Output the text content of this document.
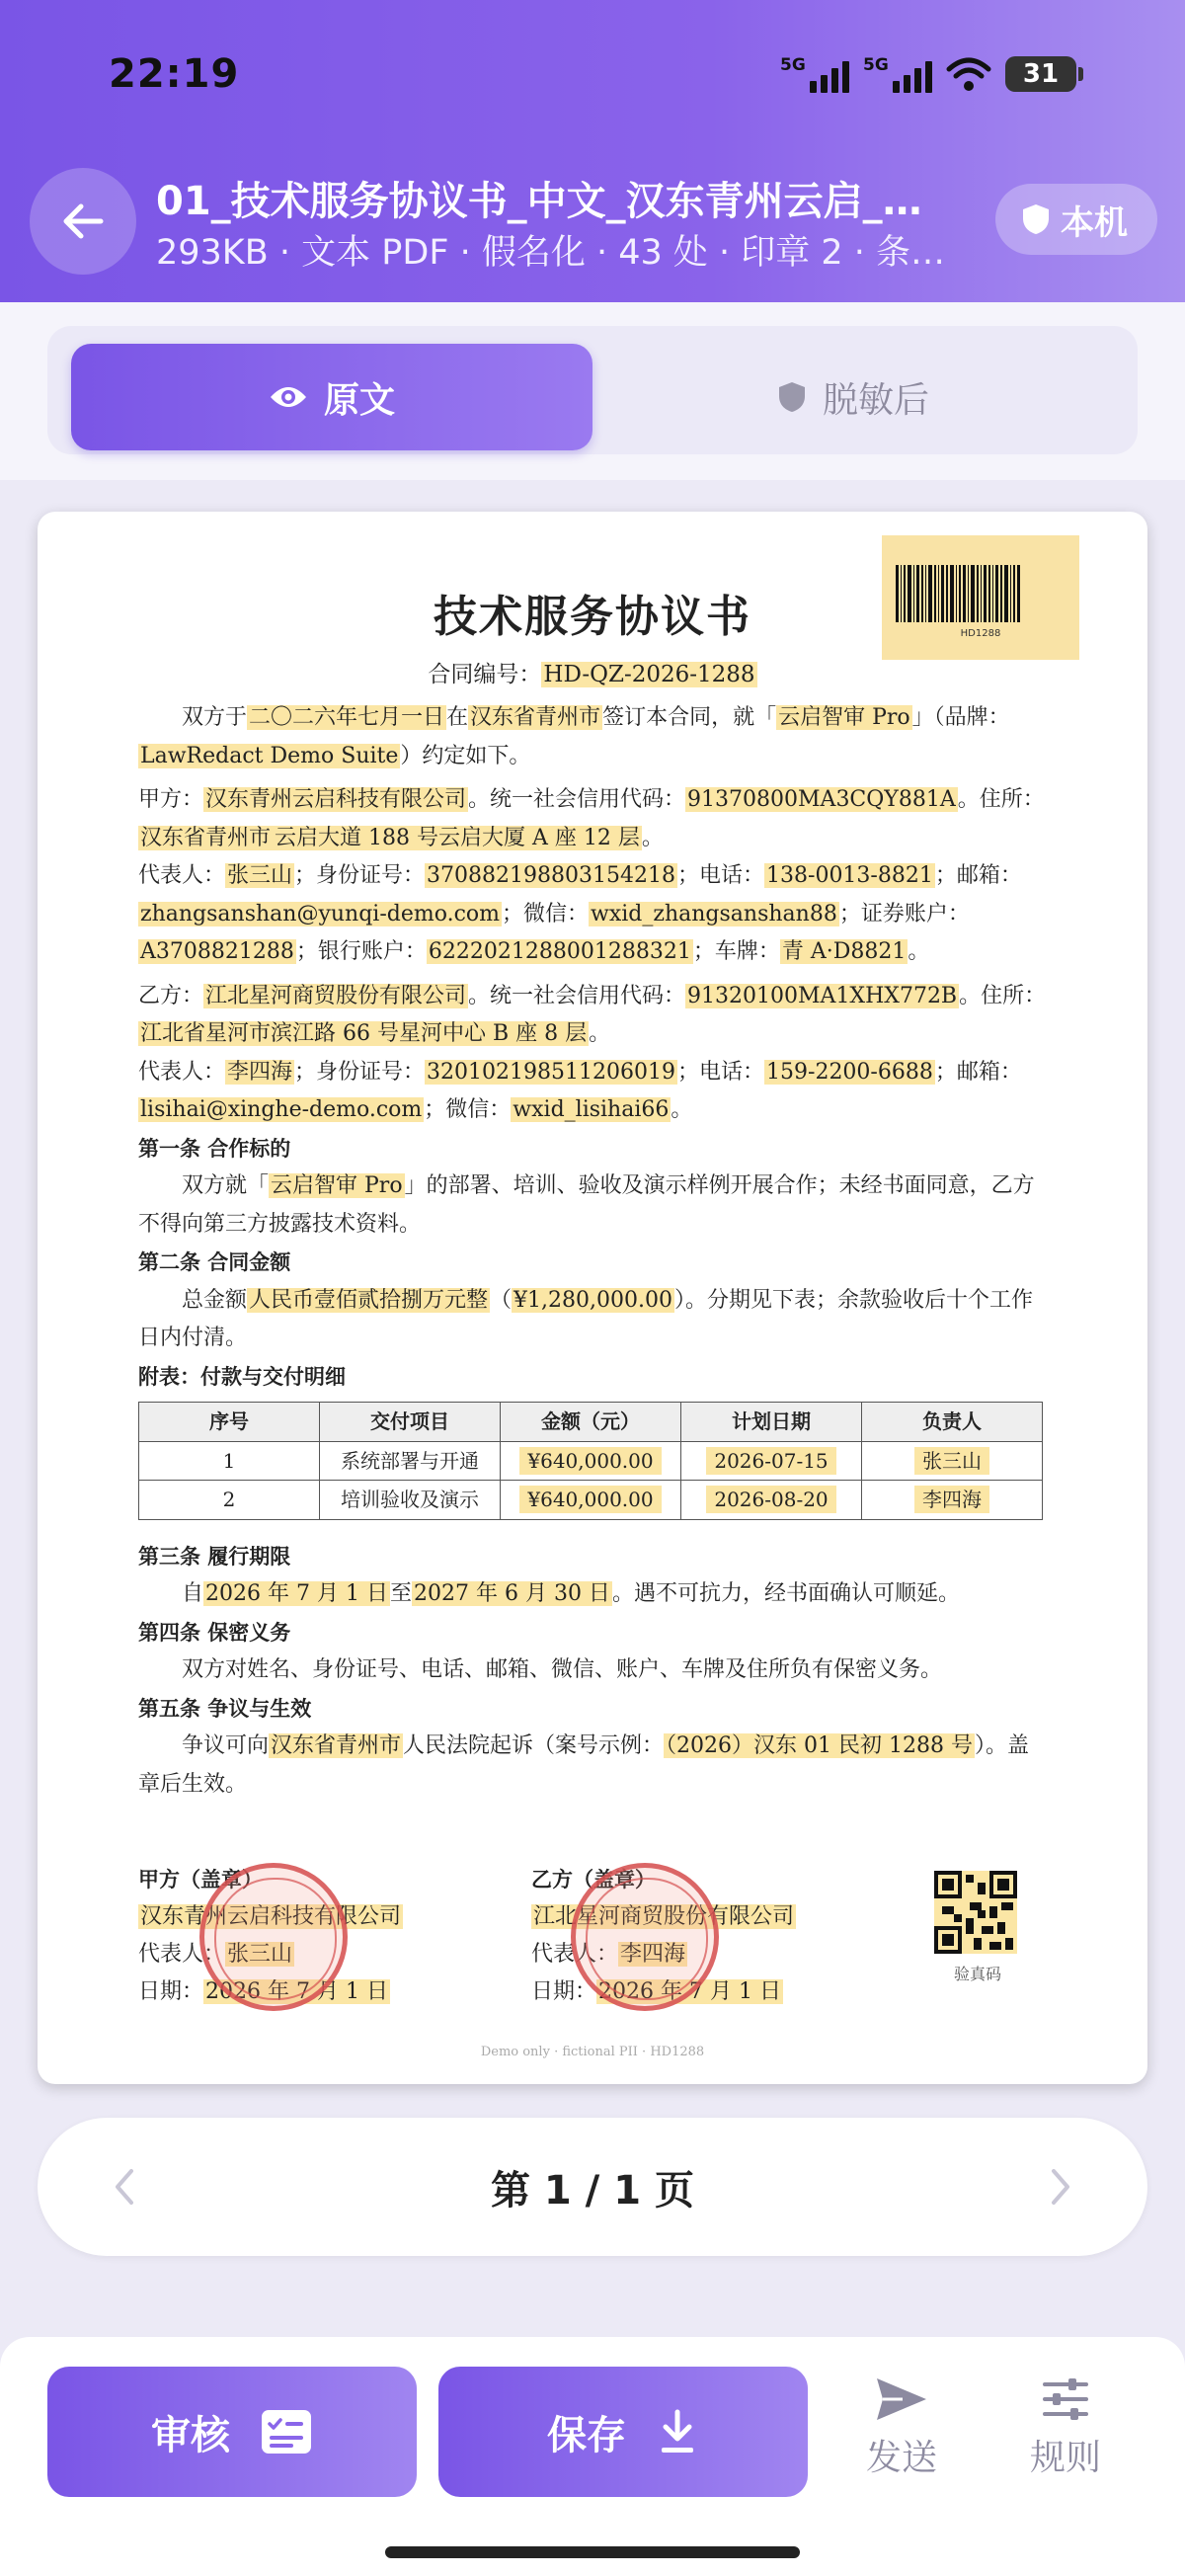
22:19	5G	5G	31
01_技术服务协议书_中文_汉东青州云启_…
293KB · 文本 PDF · 假名化 · 43 处 · 印章 2 · 条…
本机
原文	脱敏后
HD1288
技术服务协议书
合同编号：HD-QZ-2026-1288

双方于二〇二六年七月一日在汉东省青州市签订本合同，就「云启智审 Pro」（品牌：LawRedact Demo Suite）约定如下。

甲方：汉东青州云启科技有限公司。统一社会信用代码：91370800MA3CQY881A。住所：汉东省青州市 云启大道 188 号云启大厦 A 座 12 层。

代表人：张三山；身份证号：370882198803154218；电话：138-0013-8821；邮箱：zhangsanshan@yunqi-demo.com；微信：wxid_zhangsanshan88；证券账户：A3708821288；银行账户：6222021288001288321；车牌：青 A·D8821。

乙方：江北星河商贸股份有限公司。统一社会信用代码：91320100MA1XHX772B。住所：江北省星河市滨江路 66 号星河中心 B 座 8 层。

代表人：李四海；身份证号：320102198511206019；电话：159-2200-6688；邮箱：lisihai@xinghe-demo.com；微信：wxid_lisihai66。

第一条 合作标的

双方就「云启智审 Pro」的部署、培训、验收及演示样例开展合作；未经书面同意，乙方不得向第三方披露技术资料。

第二条 合同金额

总金额人民币壹佰贰拾捌万元整（¥1,280,000.00）。分期见下表；余款验收后十个工作日内付清。

附表：付款与交付明细

序号	交付项目	金额（元）	计划日期	负责人
1	系统部署与开通	¥640,000.00	2026-07-15	张三山
2	培训验收及演示	¥640,000.00	2026-08-20	李四海

第三条 履行期限

自2026 年 7 月 1 日至2027 年 6 月 30 日。遇不可抗力，经书面确认可顺延。

第四条 保密义务

双方对姓名、身份证号、电话、邮箱、微信、账户、车牌及住所负有保密义务。

第五条 争议与生效

争议可向汉东省青州市人民法院起诉（案号示例：（2026）汉东 01 民初 1288 号）。盖章后生效。

甲方（盖章）
汉东青州云启科技有限公司
代表人：张三山
日期：2026 年 7 月 1 日
乙方（盖章）
江北星河商贸股份有限公司
代表人：李四海
日期：2026 年 7 月 1 日
验真码
Demo only · fictional PII · HD1288
第 1 / 1 页
审核	保存	发送	规则
